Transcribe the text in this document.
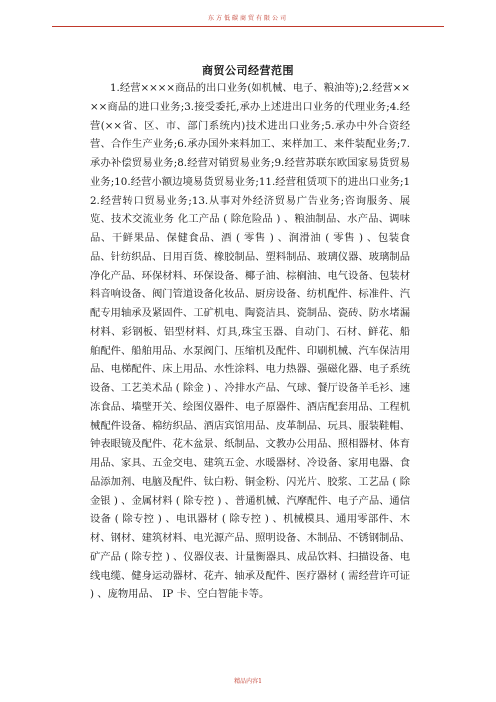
东方低碳商贸有限公司
商贸公司经营范围
1.经营××××商品的出口业务(如机械、电子、粮油等);2.经营××××商品的进口业务;3.接受委托,承办上述进出口业务的代理业务;4.经营(××省、区、市、部门系统内)技术进出口业务;5.承办中外合资经营、合作生产业务;6.承办国外来料加工、来样加工、来件装配业务;7.承办补偿贸易业务;8.经营对销贸易业务;9.经营苏联东欧国家易货贸易业务;10.经营小额边境易货贸易业务;11.经营租赁项下的进出口业务;12.经营转口贸易业务;13.从事对外经济贸易广告业务;咨询服务、展览、技术交流业务 化工产品 ( 除危险品 ) 、粮油制品、水产品、调味品、干鲜果品、保健食品、酒 ( 零售 ) 、润滑油 ( 零售 ) 、包装食品、针纺织品、日用百货、橡胶制品、塑料制品、玻璃仪器、玻璃制品净化产品、环保材料、环保设备、椰子油、棕榈油、电气设备、包装材料音响设备、阀门管道设备化妆品、厨房设备、纺机配件、标准件、汽配专用轴承及紧固件、工矿机电、陶瓷洁具、瓷制品、瓷砖、防水堵漏材料、彩钢板、铝型材料、灯具,珠宝玉器、自动门、石材、鲜花、船舶配件、船舶用品、水泵阀门、压缩机及配件、印刷机械、汽车保洁用品、电梯配件、床上用品、水性涂料、电力热器、强磁化器、电子系统设备、工艺美术品 ( 除金 ) 、冷排水产品、气球、餐厅设备羊毛衫、速冻食品、墙壁开关、绘图仪器件、电子原器件、酒店配套用品、工程机械配件设备、棉纺织品、酒店宾馆用品、皮革制品、玩具、服装鞋帽、钟表眼镜及配件、花木盆景、纸制品、文教办公用品、照相器材、体育用品、家具、五金交电、建筑五金、水暖器材、冷设备、家用电器、食品添加剂、电脑及配件、钛白粉、铜金粉、闪光片、胶浆、工艺品 ( 除金银 ) 、金属材料 ( 除专控 ) 、普通机械、汽摩配件、电子产品、通信设备 ( 除专控 ) 、电讯器材 ( 除专控 ) 、机械模具、通用零部件、木材、钢材、建筑材料、电光源产品、照明设备、木制品、不锈钢制品、矿产品 ( 除专控 ) 、仪器仪表、计量衡器具、成品饮料、扫描设备、电线电缆、健身运动器材、花卉、轴承及配件、医疗器材 ( 需经营许可证 ) 、庞物用品、 IP 卡、空白智能卡等。
精品内容1
